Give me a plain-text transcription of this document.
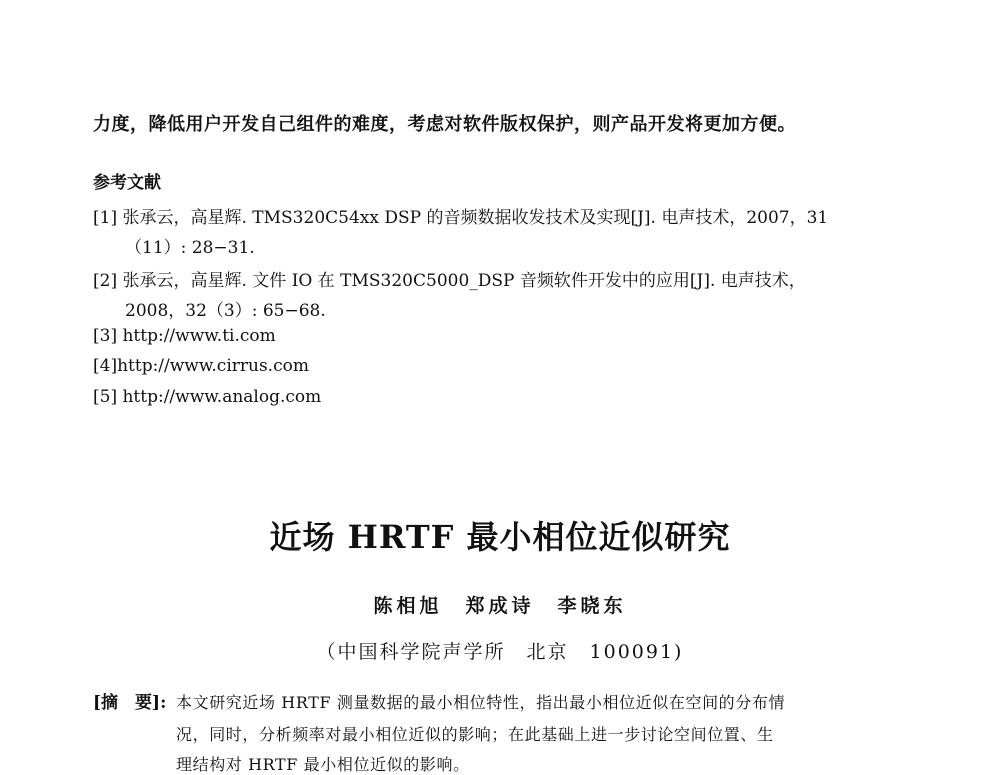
力度，降低用户开发自己组件的难度，考虑对软件版权保护，则产品开发将更加方便。
参考文献
[1] 张承云，高星辉. TMS320C54xx DSP 的音频数据收发技术及实现[J]. 电声技术，2007，31
（11）: 28−31.
[2] 张承云，高星辉. 文件 IO 在 TMS320C5000_DSP 音频软件开发中的应用[J]. 电声技术，
2008，32（3）: 65−68.
[3] http://www.ti.com
[4]http://www.cirrus.com
[5] http://www.analog.com
近场 HRTF 最小相位近似研究
陈相旭　郑成诗　李晓东
（中国科学院声学所　北京　100091)
[摘　要]: 本文研究近场 HRTF 测量数据的最小相位特性，指出最小相位近似在空间的分布情
况，同时，分析频率对最小相位近似的影响；在此基础上进一步讨论空间位置、生
理结构对 HRTF 最小相位近似的影响。
